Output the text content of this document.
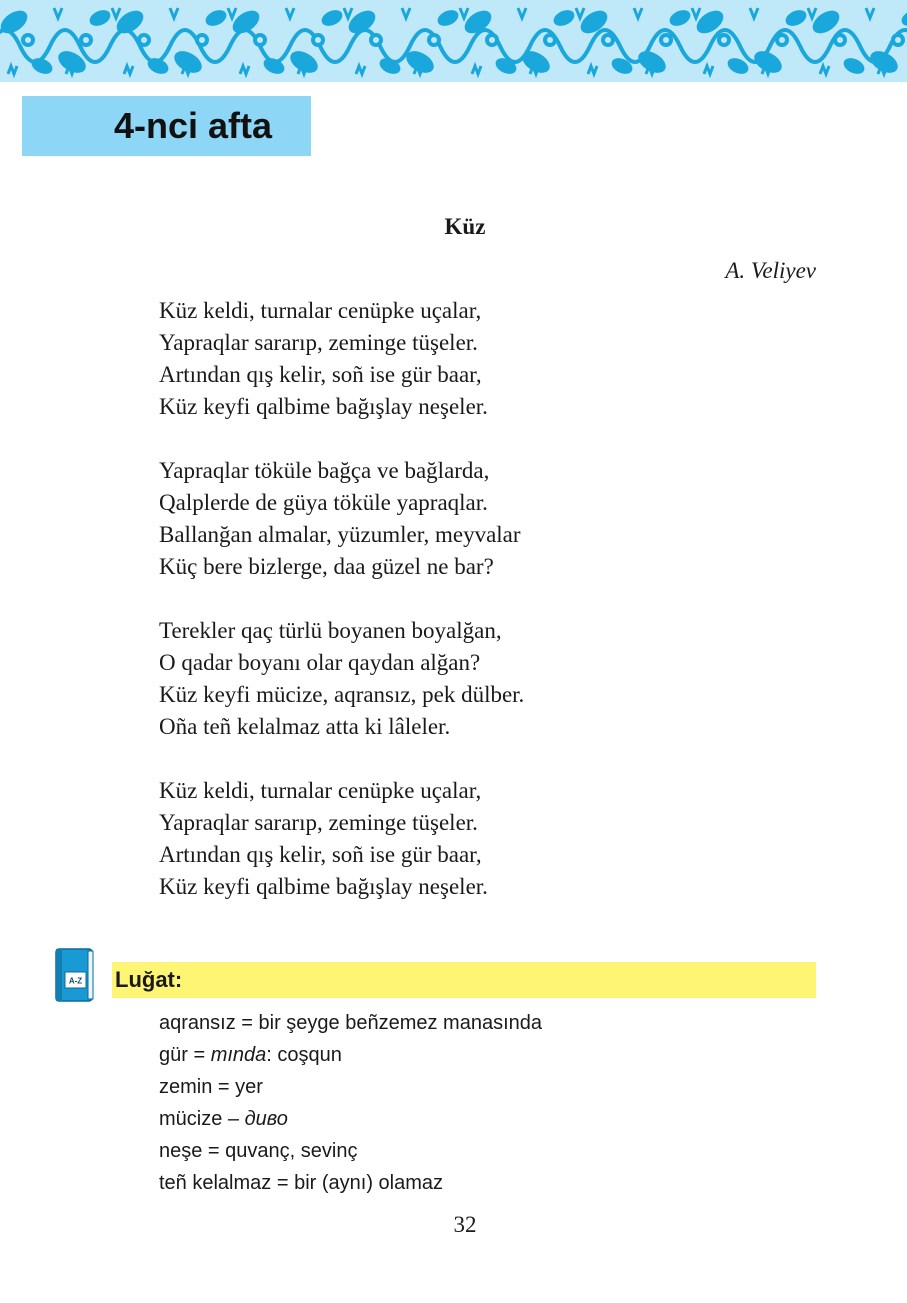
4-nci afta
Küz
A. Veliyev
Küz keldi, turnalar cenüpke uçalar,
Yapraqlar sararıp, zeminge tüşeler.
Artından qış kelir, soñ ise gür baar,
Küz keyfi qalbime bağışlay neşeler.
Yapraqlar töküle bağça ve bağlarda,
Qalplerde de güya töküle yapraqlar.
Ballanğan almalar, yüzumler, meyvalar
Küç bere bizlerge, daa güzel ne bar?
Terekler qaç türlü boyanen boyalğan,
O qadar boyanı olar qaydan alğan?
Küz keyfi mücize, aqransız, pek dülber.
Oña teñ kelalmaz atta ki lâleler.
Küz keldi, turnalar cenüpke uçalar,
Yapraqlar sararıp, zeminge tüşeler.
Artından qış kelir, soñ ise gür baar,
Küz keyfi qalbime bağışlay neşeler.
A-Z Luğat:
aqransız = bir şeyge beñzemez manasında
gür = mında: coşqun
zemin = yer
mücize – диво
neşe = quvanç, sevinç
teñ kelalmaz = bir (aynı) olamaz
32
